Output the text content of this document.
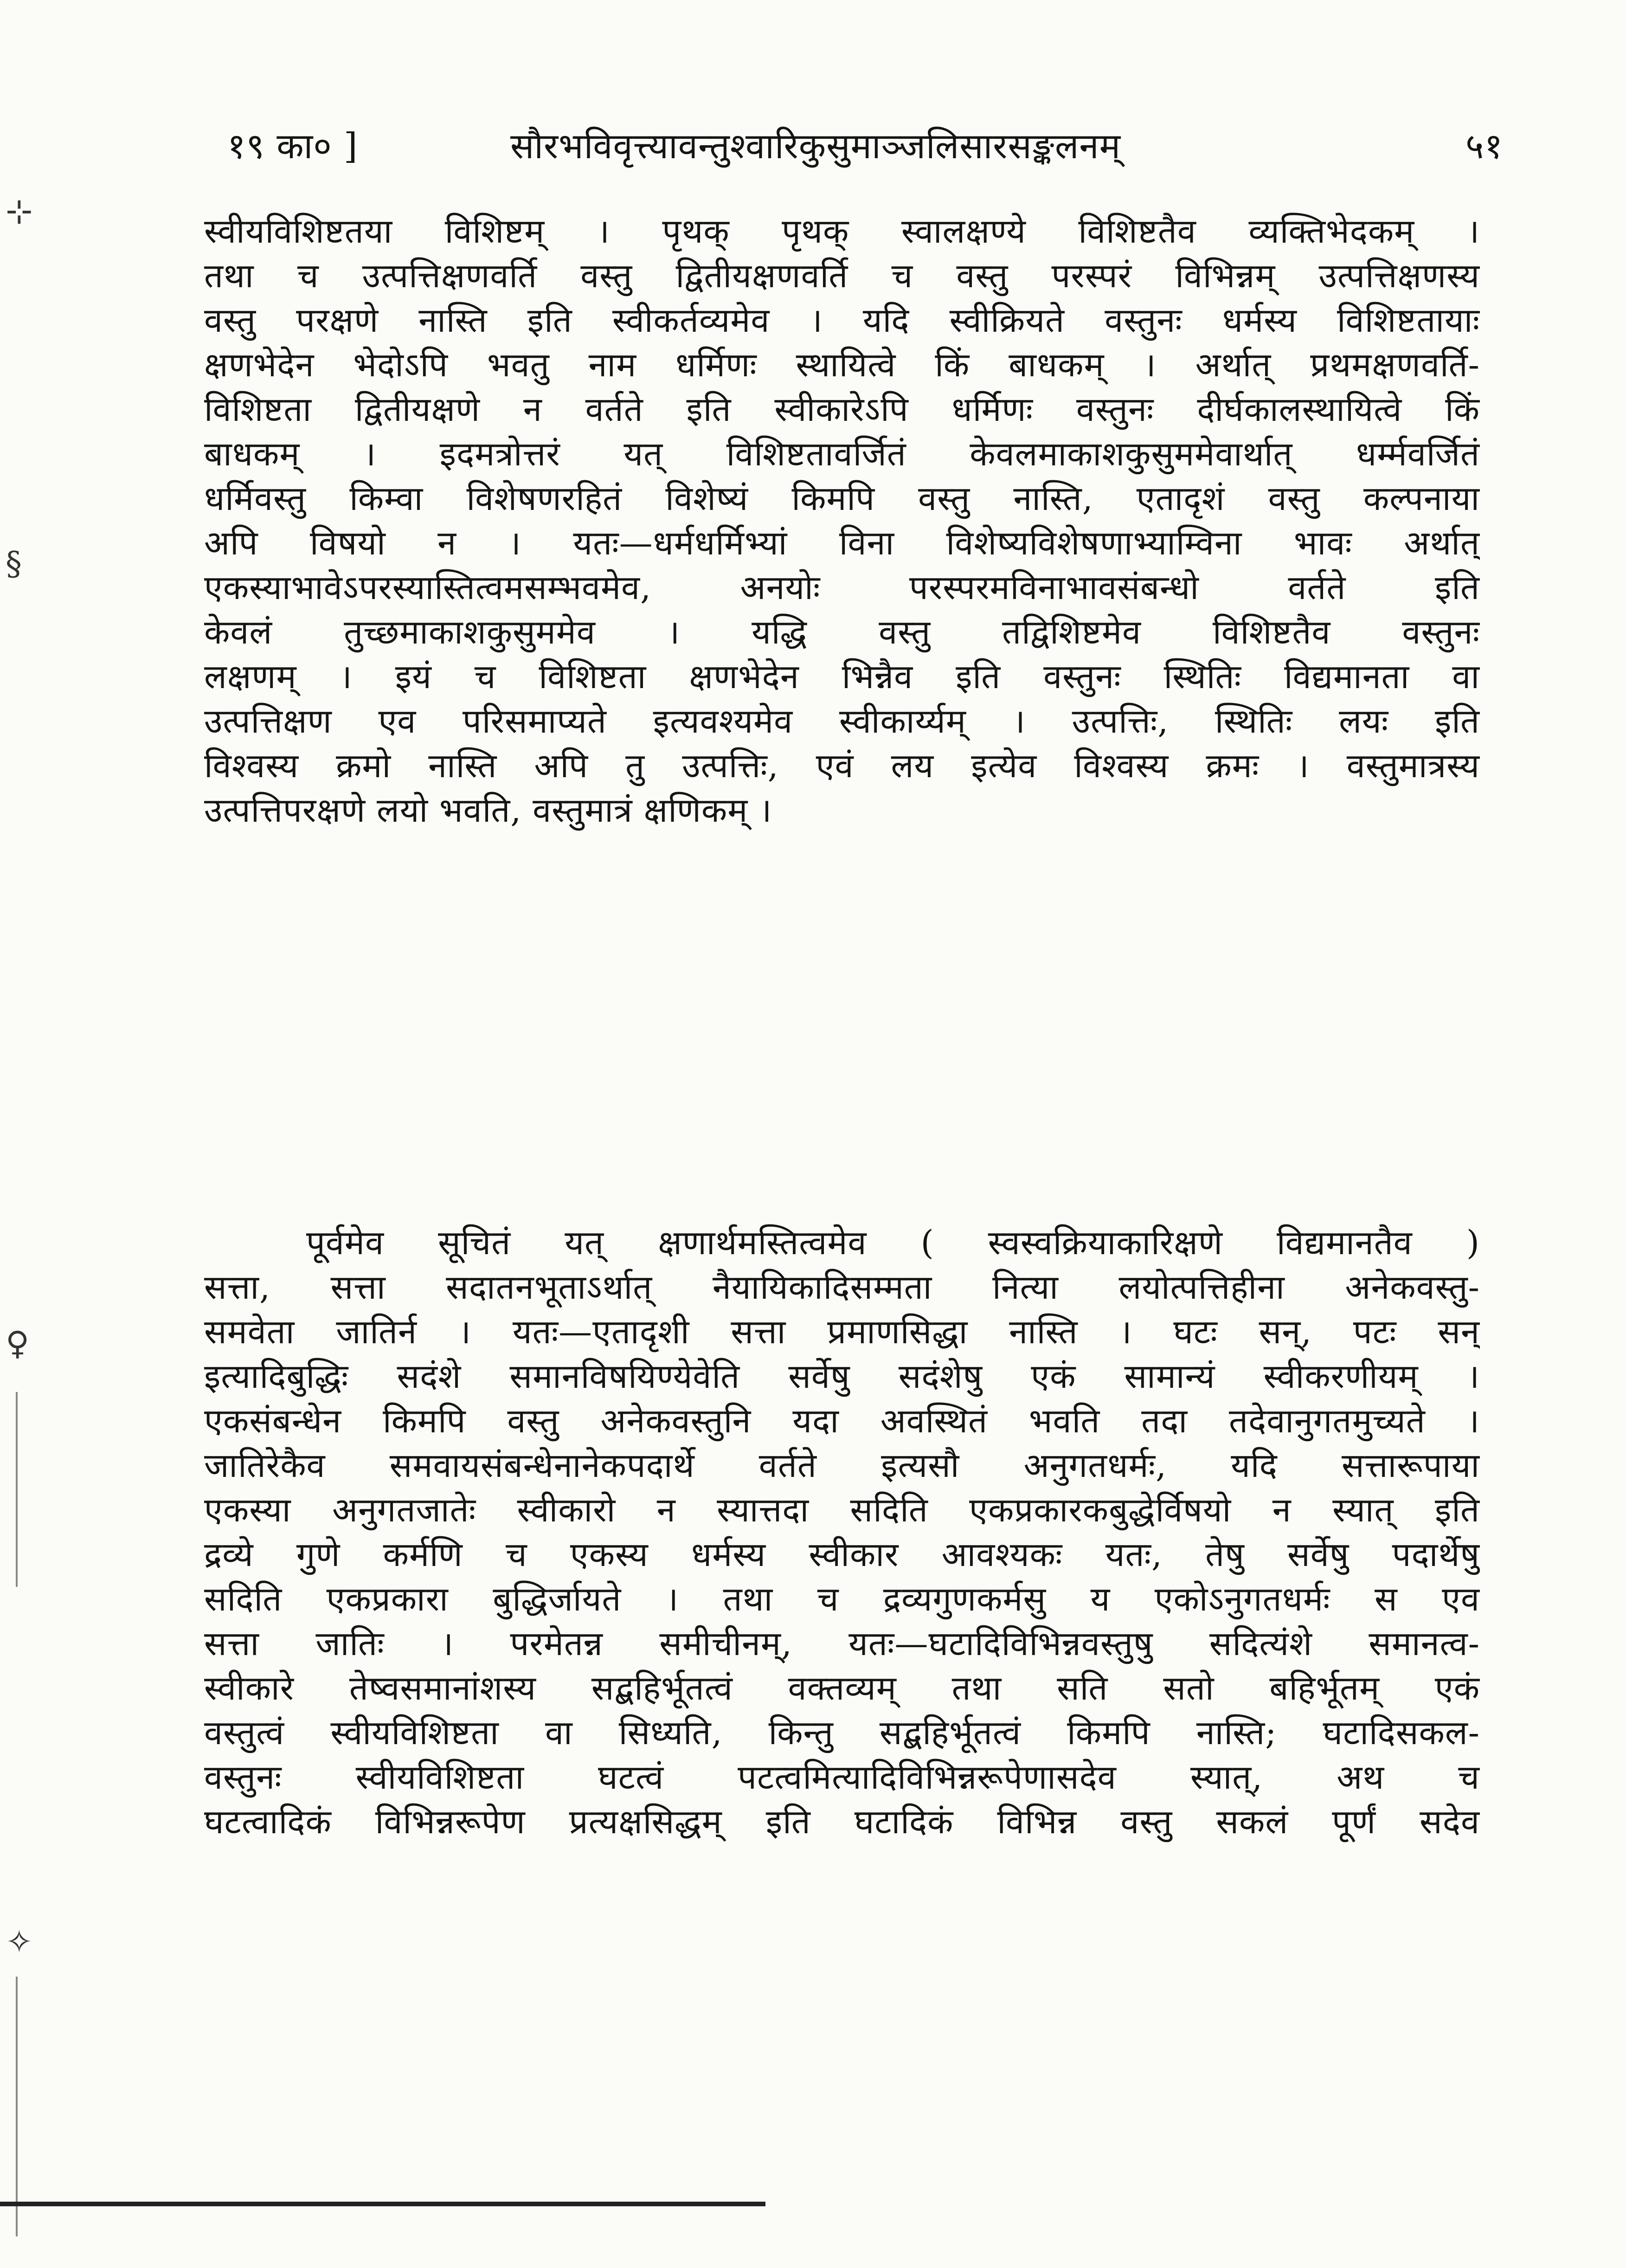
१९ का० ]	सौरभविवृत्त्यावन्तुश्वारिकुसुमाञ्जलिसारसङ्कलनम्	५१
स्वीयविशिष्टतया विशिष्टम् । पृथक् पृथक् स्वालक्षण्ये विशिष्टतैव व्यक्तिभेदकम् ।
तथा च उत्पत्तिक्षणवर्ति वस्तु द्वितीयक्षणवर्ति च वस्तु परस्परं विभिन्नम् उत्पत्तिक्षणस्य
वस्तु परक्षणे नास्ति इति स्वीकर्तव्यमेव । यदि स्वीक्रियते वस्तुनः धर्मस्य विशिष्टतायाः
क्षणभेदेन भेदोऽपि भवतु नाम धर्मिणः स्थायित्वे किं बाधकम् । अर्थात् प्रथमक्षणवर्ति-
विशिष्टता द्वितीयक्षणे न वर्तते इति स्वीकारेऽपि धर्मिणः वस्तुनः दीर्घकालस्थायित्वे किं
बाधकम् । इदमत्रोत्तरं यत् विशिष्टतावर्जितं केवलमाकाशकुसुममेवार्थात् धर्म्मवर्जितं
धर्मिवस्तु किम्वा विशेषणरहितं विशेष्यं किमपि वस्तु नास्ति, एतादृशं वस्तु कल्पनाया
अपि विषयो न । यतः—धर्मधर्मिभ्यां विना विशेष्यविशेषणाभ्याम्विना भावः अर्थात्
एकस्याभावेऽपरस्यास्तित्वमसम्भवमेव, अनयोः परस्परमविनाभावसंबन्धो वर्तते इति
केवलं तुच्छमाकाशकुसुममेव । यद्धि वस्तु तद्विशिष्टमेव विशिष्टतैव वस्तुनः
लक्षणम् । इयं च विशिष्टता क्षणभेदेन भिन्नैव इति वस्तुनः स्थितिः विद्यमानता वा
उत्पत्तिक्षण एव परिसमाप्यते इत्यवश्यमेव स्वीकार्य्यम् । उत्पत्तिः, स्थितिः लयः इति
विश्वस्य क्रमो नास्ति अपि तु उत्पत्तिः, एवं लय इत्येव विश्वस्य क्रमः । वस्तुमात्रस्य
उत्पत्तिपरक्षणे लयो भवति, वस्तुमात्रं क्षणिकम् ।
पूर्वमेव सूचितं यत् क्षणार्थमस्तित्वमेव ( स्वस्वक्रियाकारिक्षणे विद्यमानतैव )
सत्ता, सत्ता सदातनभूताऽर्थात् नैयायिकादिसम्मता नित्या लयोत्पत्तिहीना अनेकवस्तु-
समवेता जातिर्न । यतः—एतादृशी सत्ता प्रमाणसिद्धा नास्ति । घटः सन्, पटः सन्
इत्यादिबुद्धिः सदंशे समानविषयिण्येवेति सर्वेषु सदंशेषु एकं सामान्यं स्वीकरणीयम् ।
एकसंबन्धेन किमपि वस्तु अनेकवस्तुनि यदा अवस्थितं भवति तदा तदेवानुगतमुच्यते ।
जातिरेकैव समवायसंबन्धेनानेकपदार्थे वर्तते इत्यसौ अनुगतधर्मः, यदि सत्तारूपाया
एकस्या अनुगतजातेः स्वीकारो न स्यात्तदा सदिति एकप्रकारकबुद्धेर्विषयो न स्यात् इति
द्रव्ये गुणे कर्मणि च एकस्य धर्मस्य स्वीकार आवश्यकः यतः, तेषु सर्वेषु पदार्थेषु
सदिति एकप्रकारा बुद्धिर्जायते । तथा च द्रव्यगुणकर्मसु य एकोऽनुगतधर्मः स एव
सत्ता जातिः । परमेतन्न समीचीनम्, यतः—घटादिविभिन्नवस्तुषु सदित्यंशे समानत्व-
स्वीकारे तेष्वसमानांशस्य सद्बहिर्भूतत्वं वक्तव्यम् तथा सति सतो बहिर्भूतम् एकं
वस्तुत्वं स्वीयविशिष्टता वा सिध्यति, किन्तु सद्बहिर्भूतत्वं किमपि नास्ति; घटादिसकल-
वस्तुनः स्वीयविशिष्टता घटत्वं पटत्वमित्यादिविभिन्नरूपेणासदेव स्यात्, अथ च
घटत्वादिकं विभिन्नरूपेण प्रत्यक्षसिद्धम् इति घटादिकं विभिन्न वस्तु सकलं पूर्णं सदेव
⊹
§
♀
✧
